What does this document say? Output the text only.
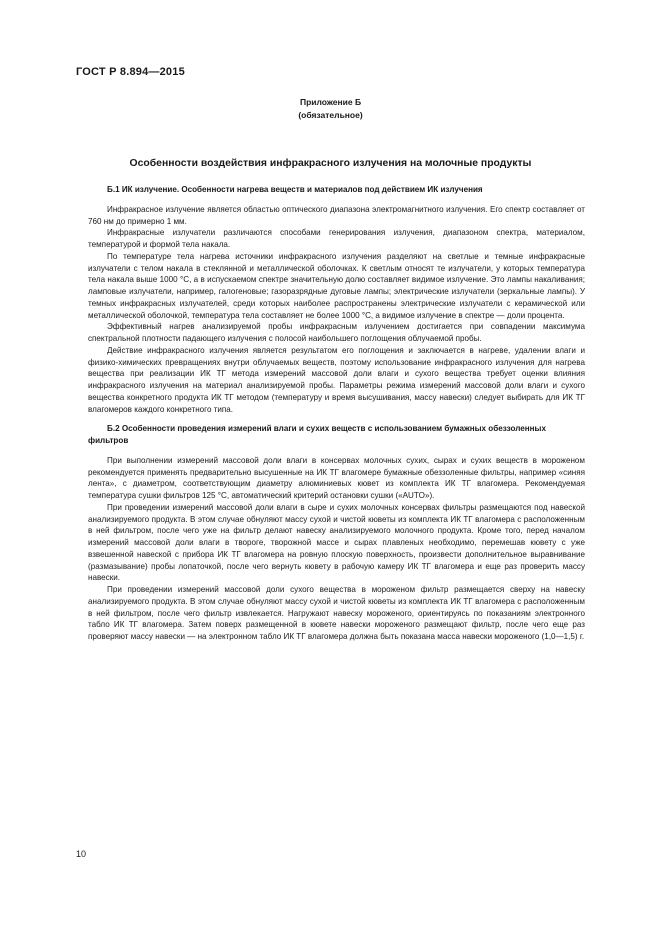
ГОСТ Р 8.894—2015
Приложение Б
(обязательное)
Особенности воздействия инфракрасного излучения на молочные продукты
Б.1 ИК излучение. Особенности нагрева веществ и материалов под действием ИК излучения

Инфракрасное излучение является областью оптического диапазона электромагнитного излучения. Его спектр составляет от 760 нм до примерно 1 мм.

Инфракрасные излучатели различаются способами генерирования излучения, диапазоном спектра, материалом, температурой и формой тела накала.

По температуре тела нагрева источники инфракрасного излучения разделяют на светлые и темные инфракрасные излучатели с телом накала в стеклянной и металлической оболочках. К светлым относят те излучатели, у которых температура тела накала выше 1000 °С, а в испускаемом спектре значительную долю составляет видимое излучение. Это лампы накаливания; ламповые излучатели, например, галогеновые; газоразрядные дуговые лампы; электрические излучатели (зеркальные лампы). У темных инфракрасных излучателей, среди которых наиболее распространены электрические излучатели с керамической или металлической оболочкой, температура тела составляет не более 1000 °С, а видимое излучение в спектре — доли процента.

Эффективный нагрев анализируемой пробы инфракрасным излучением достигается при совпадении максимума спектральной плотности падающего излучения с полосой наибольшего поглощения облучаемой пробы.

Действие инфракрасного излучения является результатом его поглощения и заключается в нагреве, удалении влаги и физико-химических превращениях внутри облучаемых веществ, поэтому использование инфракрасного излучения для нагрева вещества при реализации ИК ТГ метода измерений массовой доли влаги и сухого вещества требует оценки влияния инфракрасного излучения на материал анализируемой пробы. Параметры режима измерений массовой доли влаги и сухого вещества конкретного продукта ИК ТГ методом (температуру и время высушивания, массу навески) следует выбирать для ИК ТГ влагомеров каждого конкретного типа.

Б.2 Особенности проведения измерений влаги и сухих веществ с использованием бумажных обеззоленных фильтров

При выполнении измерений массовой доли влаги в консервах молочных сухих, сырах и сухих веществ в мороженом рекомендуется применять предварительно высушенные на ИК ТГ влагомере бумажные обеззоленные фильтры, например «синяя лента», с диаметром, соответствующим диаметру алюминиевых кювет из комплекта ИК ТГ влагомера. Рекомендуемая температура сушки фильтров 125 °С, автоматический критерий остановки сушки («AUTO»).

При проведении измерений массовой доли влаги в сыре и сухих молочных консервах фильтры размещаются под навеской анализируемого продукта. В этом случае обнуляют массу сухой и чистой кюветы из комплекта ИК ТГ влагомера с расположенным в ней фильтром, после чего уже на фильтр делают навеску анализируемого молочного продукта. Кроме того, перед началом измерений массовой доли влаги в твороге, творожной массе и сырах плавленых необходимо, перемешав кювету с уже взвешенной навеской с прибора ИК ТГ влагомера на ровную плоскую поверхность, произвести дополнительное выравнивание (размазывание) пробы лопаточкой, после чего вернуть кювету в рабочую камеру ИК ТГ влагомера и еще раз проверить массу навески.

При проведении измерений массовой доли сухого вещества в мороженом фильтр размещается сверху на навеску анализируемого продукта. В этом случае обнуляют массу сухой и чистой кюветы из комплекта ИК ТГ влагомера с расположенным в ней фильтром, после чего фильтр извлекается. Нагружают навеску мороженого, ориентируясь по показаниям электронного табло ИК ТГ влагомера. Затем поверх размещенной в кювете навески мороженого размещают фильтр, после чего еще раз проверяют массу навески — на электронном табло ИК ТГ влагомера должна быть показана масса навески мороженого (1,0—1,5) г.

10
